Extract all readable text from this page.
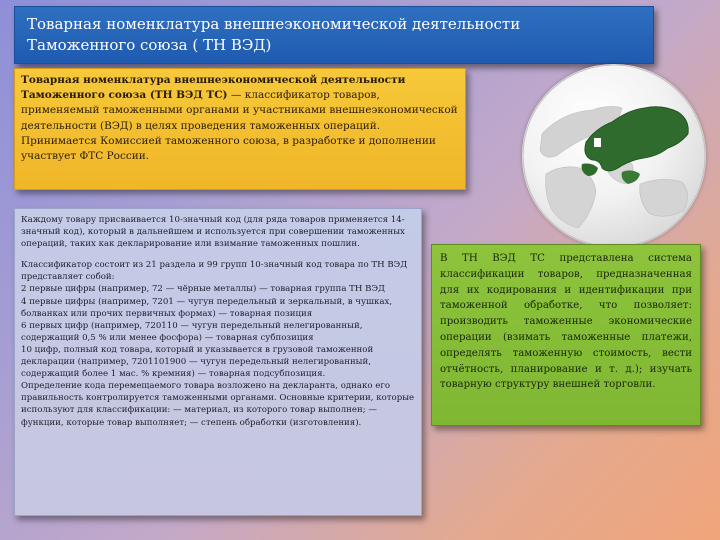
Товарная номенклатура внешнеэкономической деятельности
Таможенного союза ( ТН ВЭД)
Товарная номенклатура внешнеэкономической деятельности Таможенного союза (ТН ВЭД ТС) — классификатор товаров, применяемый таможенными органами и участниками внешнеэкономической деятельности (ВЭД) в целях проведения таможенных операций.
Принимается Комиссией таможенного союза, в разработке и дополнении участвует ФТС России.

Каждому товару присваивается 10-значный код (для ряда товаров применяется 14-значный код), который в дальнейшем и используется при совершении таможенных операций, таких как декларирование или взимание таможенных пошлин.

Классификатор состоит из 21 раздела и 99 групп 10-значный код товара по ТН ВЭД представляет собой:
2 первые цифры (например, 72 — чёрные металлы) — товарная группа ТН ВЭД
4 первые цифры (например, 7201 — чугун передельный и зеркальный, в чушках, болванках или прочих первичных формах) — товарная позиция
6 первых цифр (например, 720110 — чугун передельный нелегированный, содержащий 0,5 % или менее фосфора) — товарная субпозиция
10 цифр, полный код товара, который и указывается в грузовой таможенной декларации (например, 7201101900 — чугун передельный нелегированный, содержащий более 1 мас. % кремния) — товарная подсубпозиция.
Определение кода перемещаемого товара возложено на декларанта, однако его правильность контролируется таможенными органами. Основные критерии, которые используют для классификации: — материал, из которого товар выполнен; — функции, которые товар выполняет; — степень обработки (изготовления).

В ТН ВЭД ТС представлена система классификации товаров, предназначенная для их кодирования и идентификации при таможенной обработке, что позволяет: производить таможенные экономические операции (взимать таможенные платежи, определять таможенную стоимость, вести отчётность, планирование и т. д.); изучать товарную структуру внешней торговли.
